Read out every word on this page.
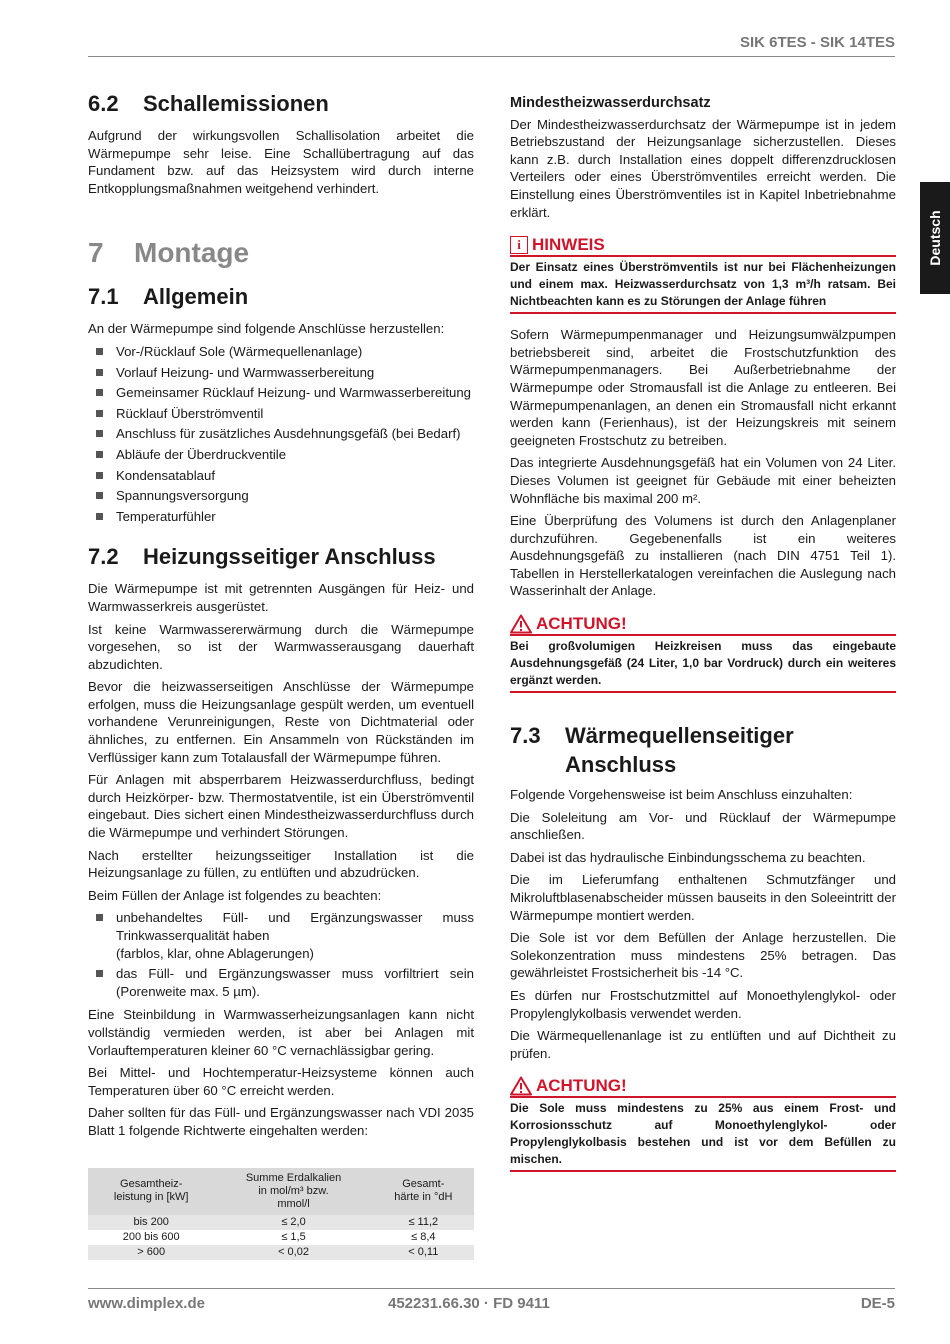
SIK 6TES - SIK 14TES
Deutsch
6.2 Schallemissionen

Aufgrund der wirkungsvollen Schallisolation arbeitet die Wärmepumpe sehr leise. Eine Schallübertragung auf das Fundament bzw. auf das Heizsystem wird durch interne Entkopplungsmaßnahmen weitgehend verhindert.

7 Montage
7.1 Allgemein

An der Wärmepumpe sind folgende Anschlüsse herzustellen:

Vor-/Rücklauf Sole (Wärmequellenanlage)
Vorlauf Heizung- und Warmwasserbereitung
Gemeinsamer Rücklauf Heizung- und Warmwasserbereitung
Rücklauf Überströmventil
Anschluss für zusätzliches Ausdehnungsgefäß (bei Bedarf)
Abläufe der Überdruckventile
Kondensatablauf
Spannungsversorgung
Temperaturfühler
7.2 Heizungsseitiger Anschluss

Die Wärmepumpe ist mit getrennten Ausgängen für Heiz- und Warmwasserkreis ausgerüstet.

Ist keine Warmwassererwärmung durch die Wärmepumpe vorgesehen, so ist der Warmwasserausgang dauerhaft abzudichten.

Bevor die heizwasserseitigen Anschlüsse der Wärmepumpe erfolgen, muss die Heizungsanlage gespült werden, um eventuell vorhandene Verunreinigungen, Reste von Dichtmaterial oder ähnliches, zu entfernen. Ein Ansammeln von Rückständen im Verflüssiger kann zum Totalausfall der Wärmepumpe führen.

Für Anlagen mit absperrbarem Heizwasserdurchfluss, bedingt durch Heizkörper- bzw. Thermostatventile, ist ein Überströmventil eingebaut. Dies sichert einen Mindestheizwasserdurchfluss durch die Wärmepumpe und verhindert Störungen.

Nach erstellter heizungsseitiger Installation ist die Heizungsanlage zu füllen, zu entlüften und abzudrücken.

Beim Füllen der Anlage ist folgendes zu beachten:

unbehandeltes Füll- und Ergänzungswasser muss Trinkwasserqualität haben
(farblos, klar, ohne Ablagerungen)
das Füll- und Ergänzungswasser muss vorfiltriert sein (Porenweite max. 5 µm).

Eine Steinbildung in Warmwasserheizungsanlagen kann nicht vollständig vermieden werden, ist aber bei Anlagen mit Vorlauftemperaturen kleiner 60 °C vernachlässigbar gering.

Bei Mittel- und Hochtemperatur-Heizsysteme können auch Temperaturen über 60 °C erreicht werden.

Daher sollten für das Füll- und Ergänzungswasser nach VDI 2035 Blatt 1 folgende Richtwerte eingehalten werden:

Gesamtheiz-
leistung in [kW]	Summe Erdalkalien
in mol/m³ bzw.
mmol/l	Gesamt-
härte in °dH
bis 200	≤ 2,0	≤ 11,2
200 bis 600	≤ 1,5	≤ 8,4
> 600	< 0,02	< 0,11
Mindestheizwasserdurchsatz

Der Mindestheizwasserdurchsatz der Wärmepumpe ist in jedem Betriebszustand der Heizungsanlage sicherzustellen. Dieses kann z.B. durch Installation eines doppelt differenzdrucklosen Verteilers oder eines Überströmventiles erreicht werden. Die Einstellung eines Überströmventiles ist in Kapitel Inbetriebnahme erklärt.

i HINWEIS
Der Einsatz eines Überströmventils ist nur bei Flächenheizungen und einem max. Heizwasserdurchsatz von 1,3 m³/h ratsam. Bei Nichtbeachten kann es zu Störungen der Anlage führen

Sofern Wärmepumpenmanager und Heizungsumwälzpumpen betriebsbereit sind, arbeitet die Frostschutzfunktion des Wärmepumpenmanagers. Bei Außerbetriebnahme der Wärmepumpe oder Stromausfall ist die Anlage zu entleeren. Bei Wärmepumpenanlagen, an denen ein Stromausfall nicht erkannt werden kann (Ferienhaus), ist der Heizungskreis mit seinem geeigneten Frostschutz zu betreiben.

Das integrierte Ausdehnungsgefäß hat ein Volumen von 24 Liter. Dieses Volumen ist geeignet für Gebäude mit einer beheizten Wohnfläche bis maximal 200 m².

Eine Überprüfung des Volumens ist durch den Anlagenplaner durchzuführen. Gegebenenfalls ist ein weiteres Ausdehnungsgefäß zu installieren (nach DIN 4751 Teil 1). Tabellen in Herstellerkatalogen vereinfachen die Auslegung nach Wasserinhalt der Anlage.

ACHTUNG!
Bei großvolumigen Heizkreisen muss das eingebaute Ausdehnungsgefäß (24 Liter, 1,0 bar Vordruck) durch ein weiteres ergänzt werden.
7.3	Wärmequellenseitiger
Anschluss

Folgende Vorgehensweise ist beim Anschluss einzuhalten:

Die Soleleitung am Vor- und Rücklauf der Wärmepumpe anschließen.

Dabei ist das hydraulische Einbindungsschema zu beachten.

Die im Lieferumfang enthaltenen Schmutzfänger und Mikroluftblasenabscheider müssen bauseits in den Soleeintritt der Wärmepumpe montiert werden.

Die Sole ist vor dem Befüllen der Anlage herzustellen. Die Solekonzentration muss mindestens 25% betragen. Das gewährleistet Frostsicherheit bis -14 °C.

Es dürfen nur Frostschutzmittel auf Monoethylenglykol- oder Propylenglykolbasis verwendet werden.

Die Wärmequellenanlage ist zu entlüften und auf Dichtheit zu prüfen.

ACHTUNG!
Die Sole muss mindestens zu 25% aus einem Frost- und Korrosionsschutz auf Monoethylenglykol- oder Propylenglykolbasis bestehen und ist vor dem Befüllen zu mischen.
www.dimplex.de	452231.66.30 · FD 9411	DE-5
